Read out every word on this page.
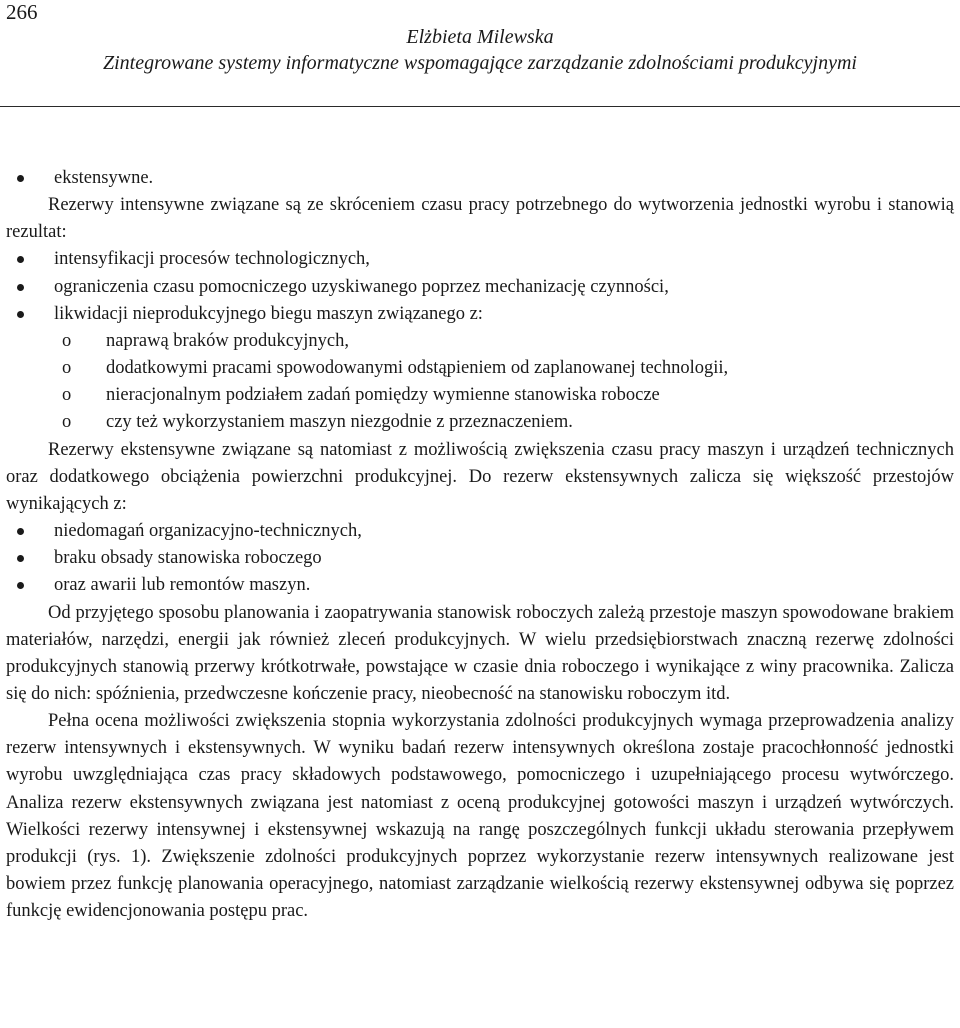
266
Elżbieta Milewska
Zintegrowane systemy informatyczne wspomagające zarządzanie zdolnościami produkcyjnymi
ekstensywne.

Rezerwy intensywne związane są ze skróceniem czasu pracy potrzebnego do wytworzenia jednostki wyrobu i stanowią rezultat:

intensyfikacji procesów technologicznych,
ograniczenia czasu pomocniczego uzyskiwanego poprzez mechanizację czynności,
likwidacji nieprodukcyjnego biegu maszyn związanego z:
o naprawą braków produkcyjnych,
o dodatkowymi pracami spowodowanymi odstąpieniem od zaplanowanej technologii,
o nieracjonalnym podziałem zadań pomiędzy wymienne stanowiska robocze
o czy też wykorzystaniem maszyn niezgodnie z przeznaczeniem.

Rezerwy ekstensywne związane są natomiast z możliwością zwiększenia czasu pracy maszyn i urządzeń technicznych oraz dodatkowego obciążenia powierzchni produkcyjnej. Do rezerw ekstensywnych zalicza się większość przestojów wynikających z:

niedomagań organizacyjno-technicznych,
braku obsady stanowiska roboczego
oraz awarii lub remontów maszyn.

Od przyjętego sposobu planowania i zaopatrywania stanowisk roboczych zależą przestoje maszyn spowodowane brakiem materiałów, narzędzi, energii jak również zleceń produkcyjnych. W wielu przedsiębiorstwach znaczną rezerwę zdolności produkcyjnych stanowią przerwy krótkotrwałe, powstające w czasie dnia roboczego i wynikające z winy pracownika. Zalicza się do nich: spóźnienia, przedwczesne kończenie pracy, nieobecność na stanowisku roboczym itd.

Pełna ocena możliwości zwiększenia stopnia wykorzystania zdolności produkcyjnych wymaga przeprowadzenia analizy rezerw intensywnych i ekstensywnych. W wyniku badań rezerw intensywnych określona zostaje pracochłonność jednostki wyrobu uwzględniająca czas pracy składowych podstawowego, pomocniczego i uzupełniającego procesu wytwórczego. Analiza rezerw ekstensywnych związana jest natomiast z oceną produkcyjnej gotowości maszyn i urządzeń wytwórczych. Wielkości rezerwy intensywnej i ekstensywnej wskazują na rangę poszczególnych funkcji układu sterowania przepływem produkcji (rys. 1). Zwiększenie zdolności produkcyjnych poprzez wykorzystanie rezerw intensywnych realizowane jest bowiem przez funkcję planowania operacyjnego, natomiast zarządzanie wielkością rezerwy ekstensywnej odbywa się poprzez funkcję ewidencjonowania postępu prac.
